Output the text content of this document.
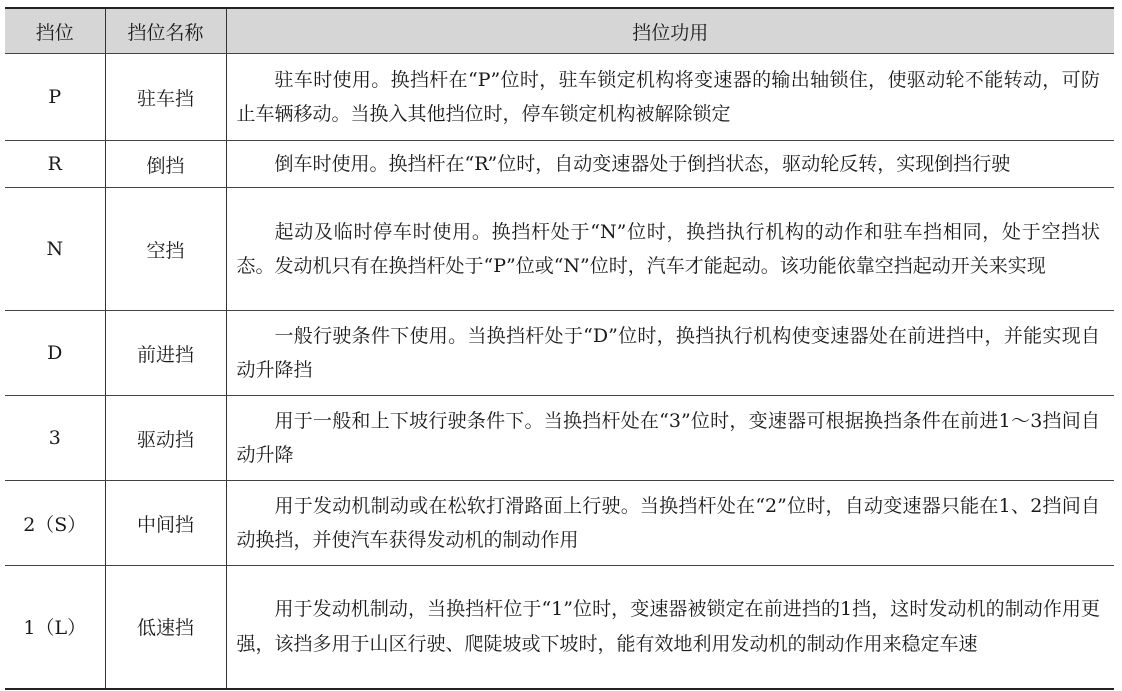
挡位	挡位名称	挡位功用
P	驻车挡	驻车时使用。换挡杆在“P”位时，驻车锁定机构将变速器的输出轴锁住，使驱动轮不能转动，可防止车辆移动。当换入其他挡位时，停车锁定机构被解除锁定
R	倒挡	倒车时使用。换挡杆在“R”位时，自动变速器处于倒挡状态，驱动轮反转，实现倒挡行驶
N	空挡	起动及临时停车时使用。换挡杆处于“N”位时，换挡执行机构的动作和驻车挡相同，处于空挡状态。发动机只有在换挡杆处于“P”位或“N”位时，汽车才能起动。该功能依靠空挡起动开关来实现
D	前进挡	一般行驶条件下使用。当换挡杆处于“D”位时，换挡执行机构使变速器处在前进挡中，并能实现自动升降挡
3	驱动挡	用于一般和上下坡行驶条件下。当换挡杆处在“3”位时，变速器可根据换挡条件在前进1～3挡间自动升降
2（S）	中间挡	用于发动机制动或在松软打滑路面上行驶。当换挡杆处在“2”位时，自动变速器只能在1、2挡间自动换挡，并使汽车获得发动机的制动作用
1（L）	低速挡	用于发动机制动，当换挡杆位于“1”位时，变速器被锁定在前进挡的1挡，这时发动机的制动作用更强，该挡多用于山区行驶、爬陡坡或下坡时，能有效地利用发动机的制动作用来稳定车速
